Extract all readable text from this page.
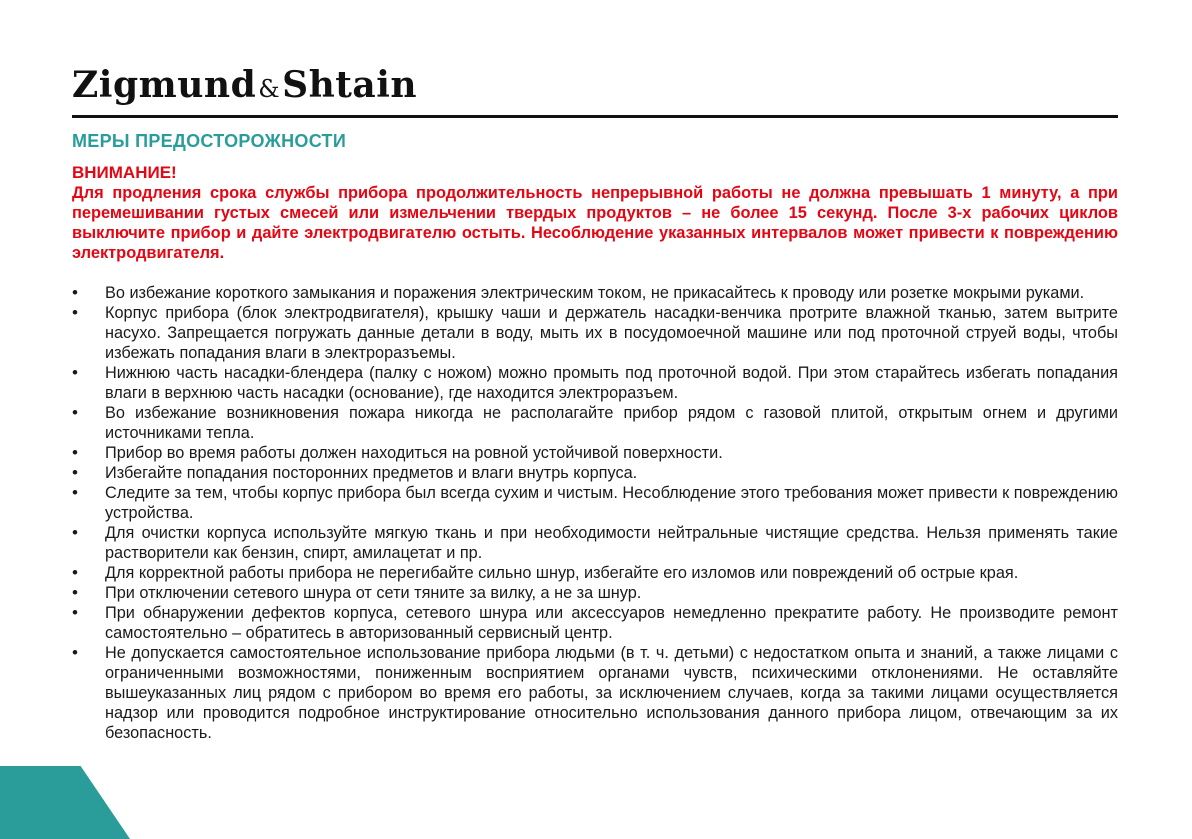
Zigmund&Shtain
МЕРЫ ПРЕДОСТОРОЖНОСТИ
ВНИМАНИЕ!
Для продления срока службы прибора продолжительность непрерывной работы не должна превышать 1 минуту, а при перемешивании густых смесей или измельчении твердых продуктов – не более 15 секунд. После 3-х рабочих циклов выключите прибор и дайте электродвигателю остыть. Несоблюдение указанных интервалов может привести к повреждению электродвигателя.
• Во избежание короткого замыкания и поражения электрическим током, не прикасайтесь к проводу или розетке мокрыми руками.
• Корпус прибора (блок электродвигателя), крышку чаши и держатель насадки-венчика протрите влажной тканью, затем вытрите насухо. Запрещается погружать данные детали в воду, мыть их в посудомоечной машине или под проточной струей воды, чтобы избежать попадания влаги в электроразъемы.
• Нижнюю часть насадки-блендера (палку с ножом) можно промыть под проточной водой. При этом старайтесь избегать попадания влаги в верхнюю часть насадки (основание), где находится электроразъем.
• Во избежание возникновения пожара никогда не располагайте прибор рядом с газовой плитой, открытым огнем и другими источниками тепла.
• Прибор во время работы должен находиться на ровной устойчивой поверхности.
• Избегайте попадания посторонних предметов и влаги внутрь корпуса.
• Следите за тем, чтобы корпус прибора был всегда сухим и чистым. Несоблюдение этого требования может привести к повреждению устройства.
• Для очистки корпуса используйте мягкую ткань и при необходимости нейтральные чистящие средства. Нельзя применять такие растворители как бензин, спирт, амилацетат и пр.
• Для корректной работы прибора не перегибайте сильно шнур, избегайте его изломов или повреждений об острые края.
• При отключении сетевого шнура от сети тяните за вилку, а не за шнур.
• При обнаружении дефектов корпуса, сетевого шнура или аксессуаров немедленно прекратите работу. Не производите ремонт самостоятельно – обратитесь в авторизованный сервисный центр.
• Не допускается самостоятельное использование прибора людьми (в т. ч. детьми) с недостатком опыта и знаний, а также лицами с ограниченными возможностями, пониженным восприятием органами чувств, психическими отклонениями. Не оставляйте вышеуказанных лиц рядом с прибором во время его работы, за исключением случаев, когда за такими лицами осуществляется надзор или проводится подробное инструктирование относительно использования данного прибора лицом, отвечающим за их безопасность.
